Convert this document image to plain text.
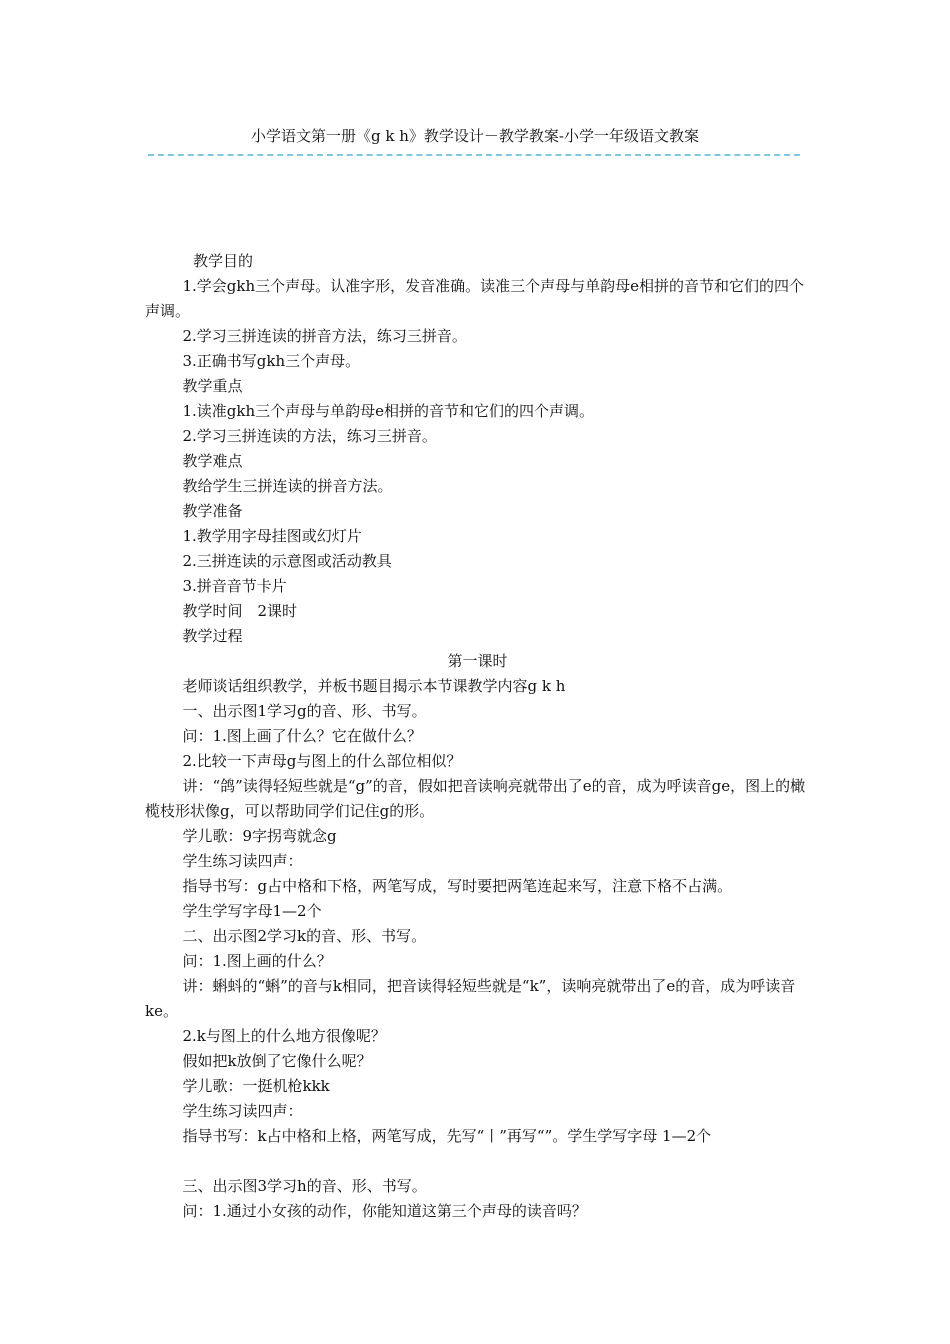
小学语文第一册《g k h》教学设计－教学教案-小学一年级语文教案

教学目的

1.学会gkh三个声母。认准字形，发音准确。读准三个声母与单韵母e相拼的音节和它们的四个声调。

2.学习三拼连读的拼音方法，练习三拼音。

3.正确书写gkh三个声母。

教学重点

1.读准gkh三个声母与单韵母e相拼的音节和它们的四个声调。

2.学习三拼连读的方法，练习三拼音。

教学难点

教给学生三拼连读的拼音方法。

教学准备

1.教学用字母挂图或幻灯片

2.三拼连读的示意图或活动教具

3.拼音音节卡片

教学时间　2课时

教学过程

第一课时

老师谈话组织教学，并板书题目揭示本节课教学内容g k h

一、出示图1学习g的音、形、书写。

问：1.图上画了什么？它在做什么？

2.比较一下声母g与图上的什么部位相似？

讲：“鸽”读得轻短些就是“g”的音，假如把音读响亮就带出了e的音，成为呼读音ge，图上的橄榄枝形状像g，可以帮助同学们记住g的形。

学儿歌：9字拐弯就念g

学生练习读四声：

指导书写：g占中格和下格，两笔写成，写时要把两笔连起来写，注意下格不占满。

学生学写字母1—2个

二、出示图2学习k的音、形、书写。

问：1.图上画的什么？

讲：蝌蚪的“蝌”的音与k相同，把音读得轻短些就是“k”，读响亮就带出了e的音，成为呼读音ke。

2.k与图上的什么地方很像呢？

假如把k放倒了它像什么呢？

学儿歌：一挺机枪kkk

学生练习读四声：

指导书写：k占中格和上格，两笔写成，先写“丨”再写“”。学生学写字母 1—2个

三、出示图3学习h的音、形、书写。

问：1.通过小女孩的动作，你能知道这第三个声母的读音吗？
